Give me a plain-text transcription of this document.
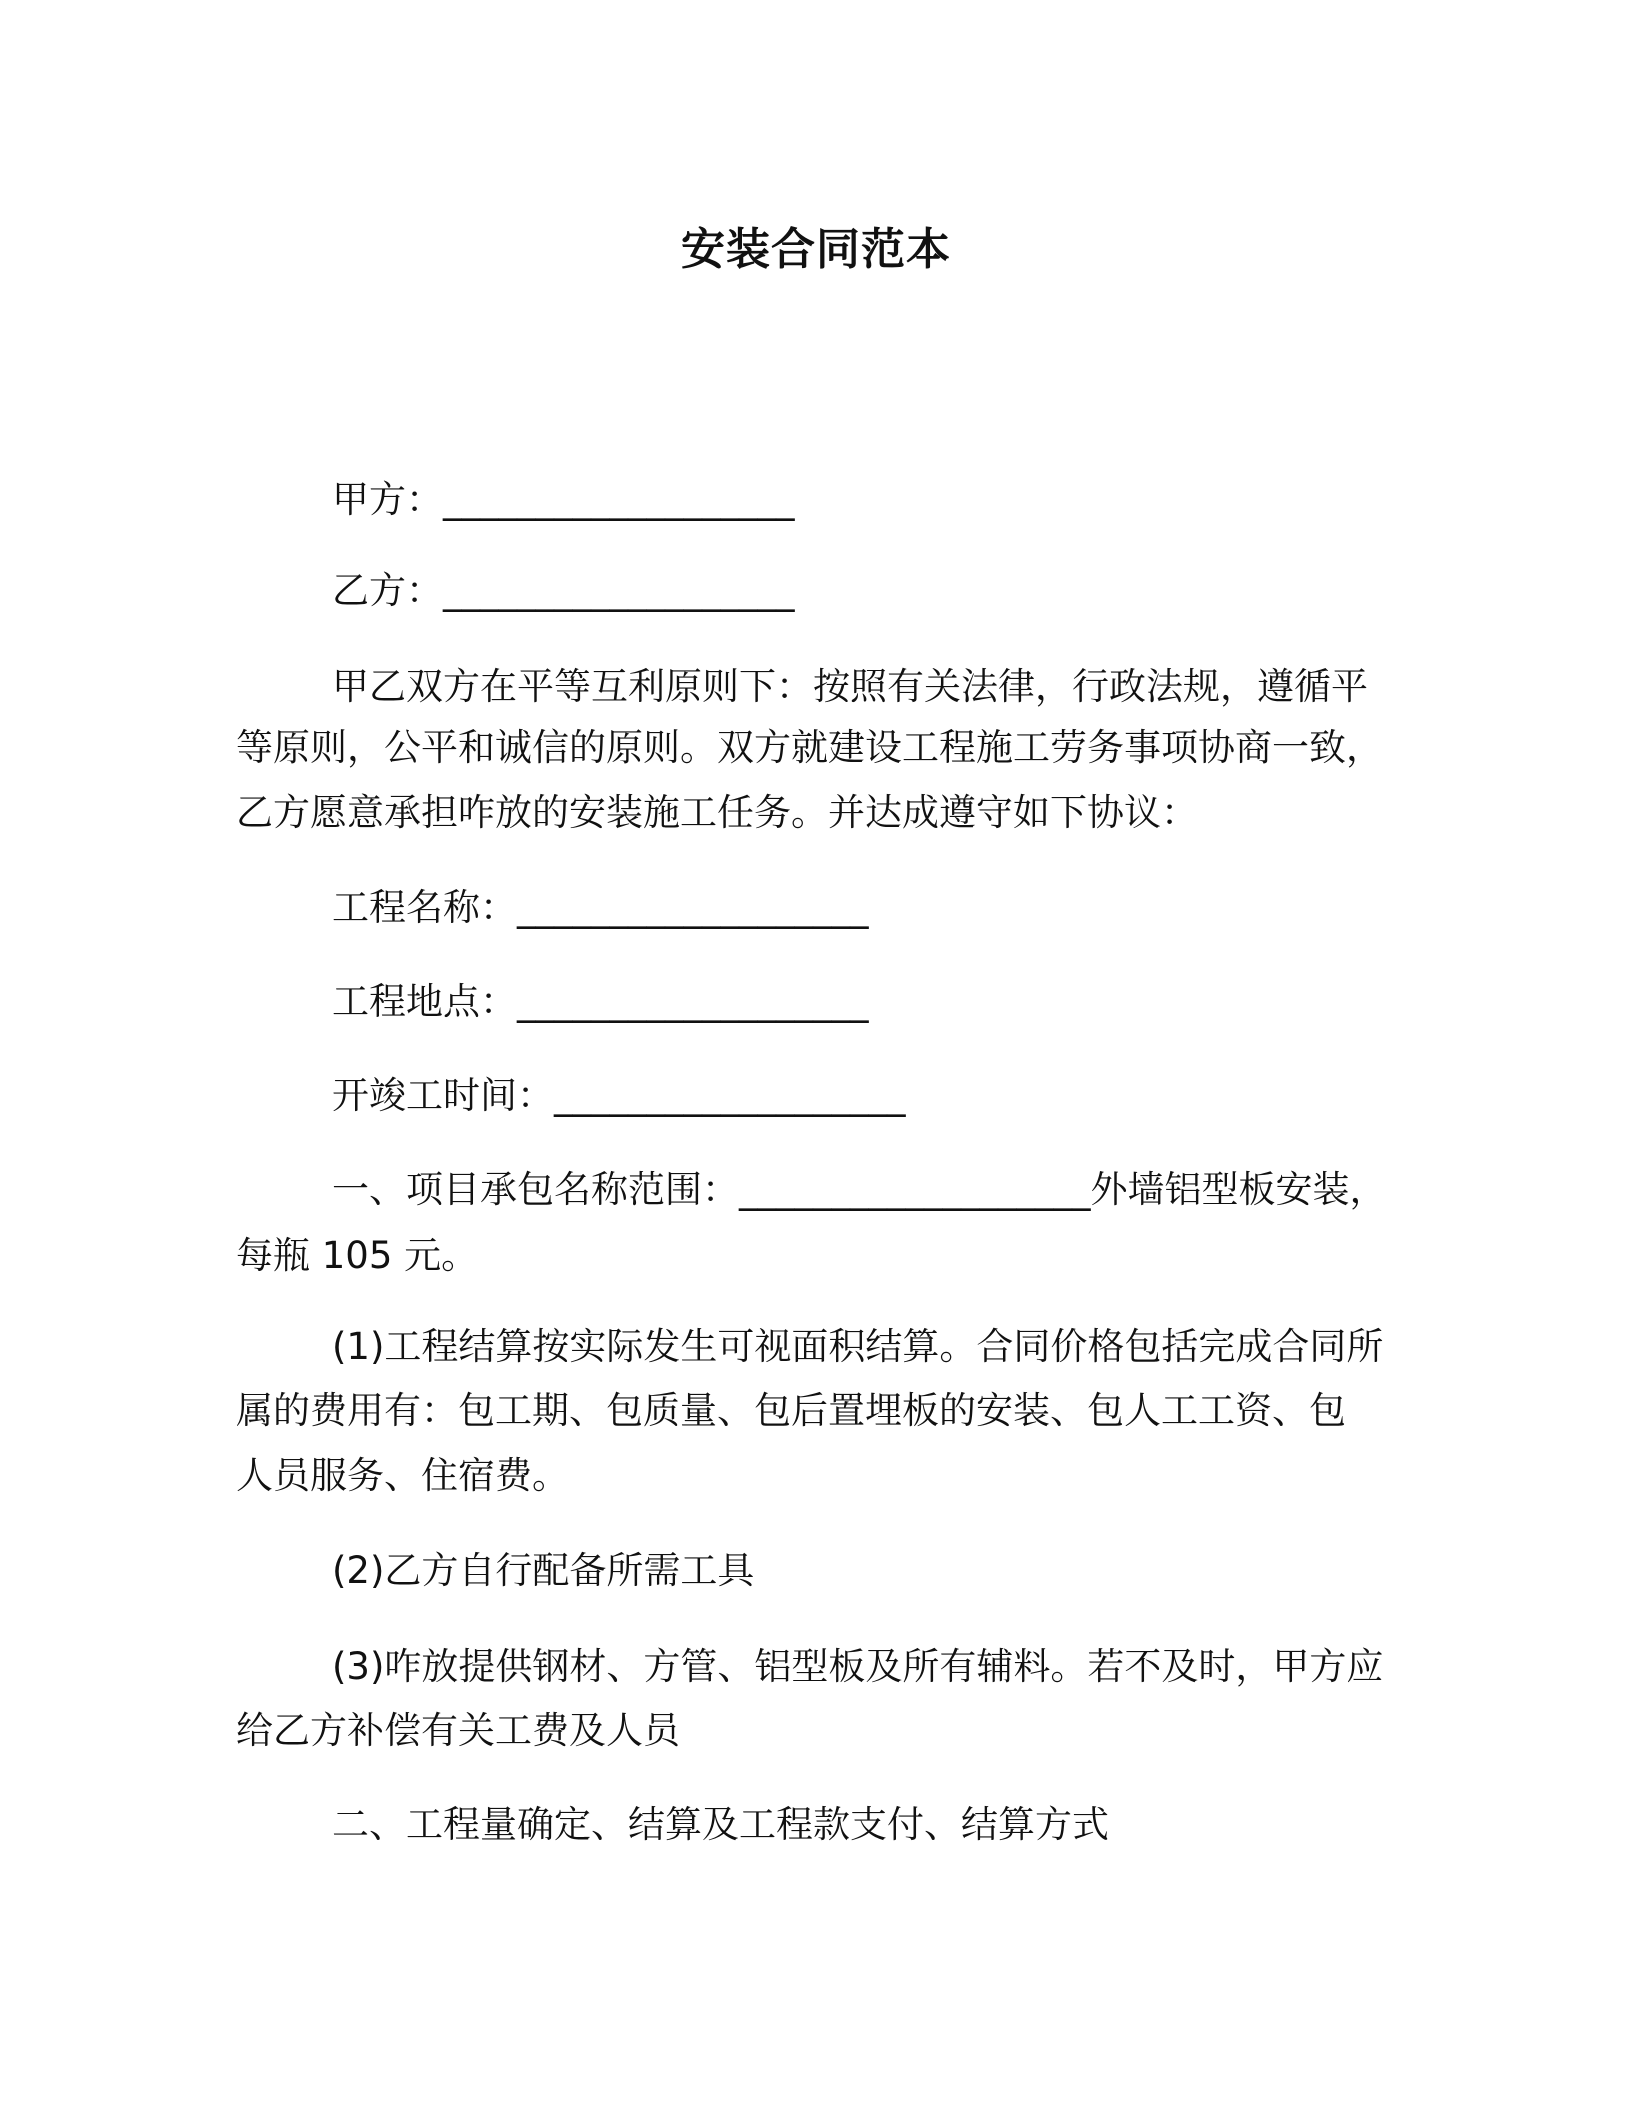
安装合同范本
甲方：___________________
乙方：___________________
甲乙双方在平等互利原则下：按照有关法律，行政法规，遵循平
等原则，公平和诚信的原则。双方就建设工程施工劳务事项协商一致，
乙方愿意承担咋放的安装施工任务。并达成遵守如下协议：
工程名称：___________________
工程地点：___________________
开竣工时间：___________________
一、项目承包名称范围：___________________外墙铝型板安装，
每瓶 105 元。
(1)工程结算按实际发生可视面积结算。合同价格包括完成合同所
属的费用有：包工期、包质量、包后置埋板的安装、包人工工资、包
人员服务、住宿费。
(2)乙方自行配备所需工具
(3)咋放提供钢材、方管、铝型板及所有辅料。若不及时，甲方应
给乙方补偿有关工费及人员
二、工程量确定、结算及工程款支付、结算方式
